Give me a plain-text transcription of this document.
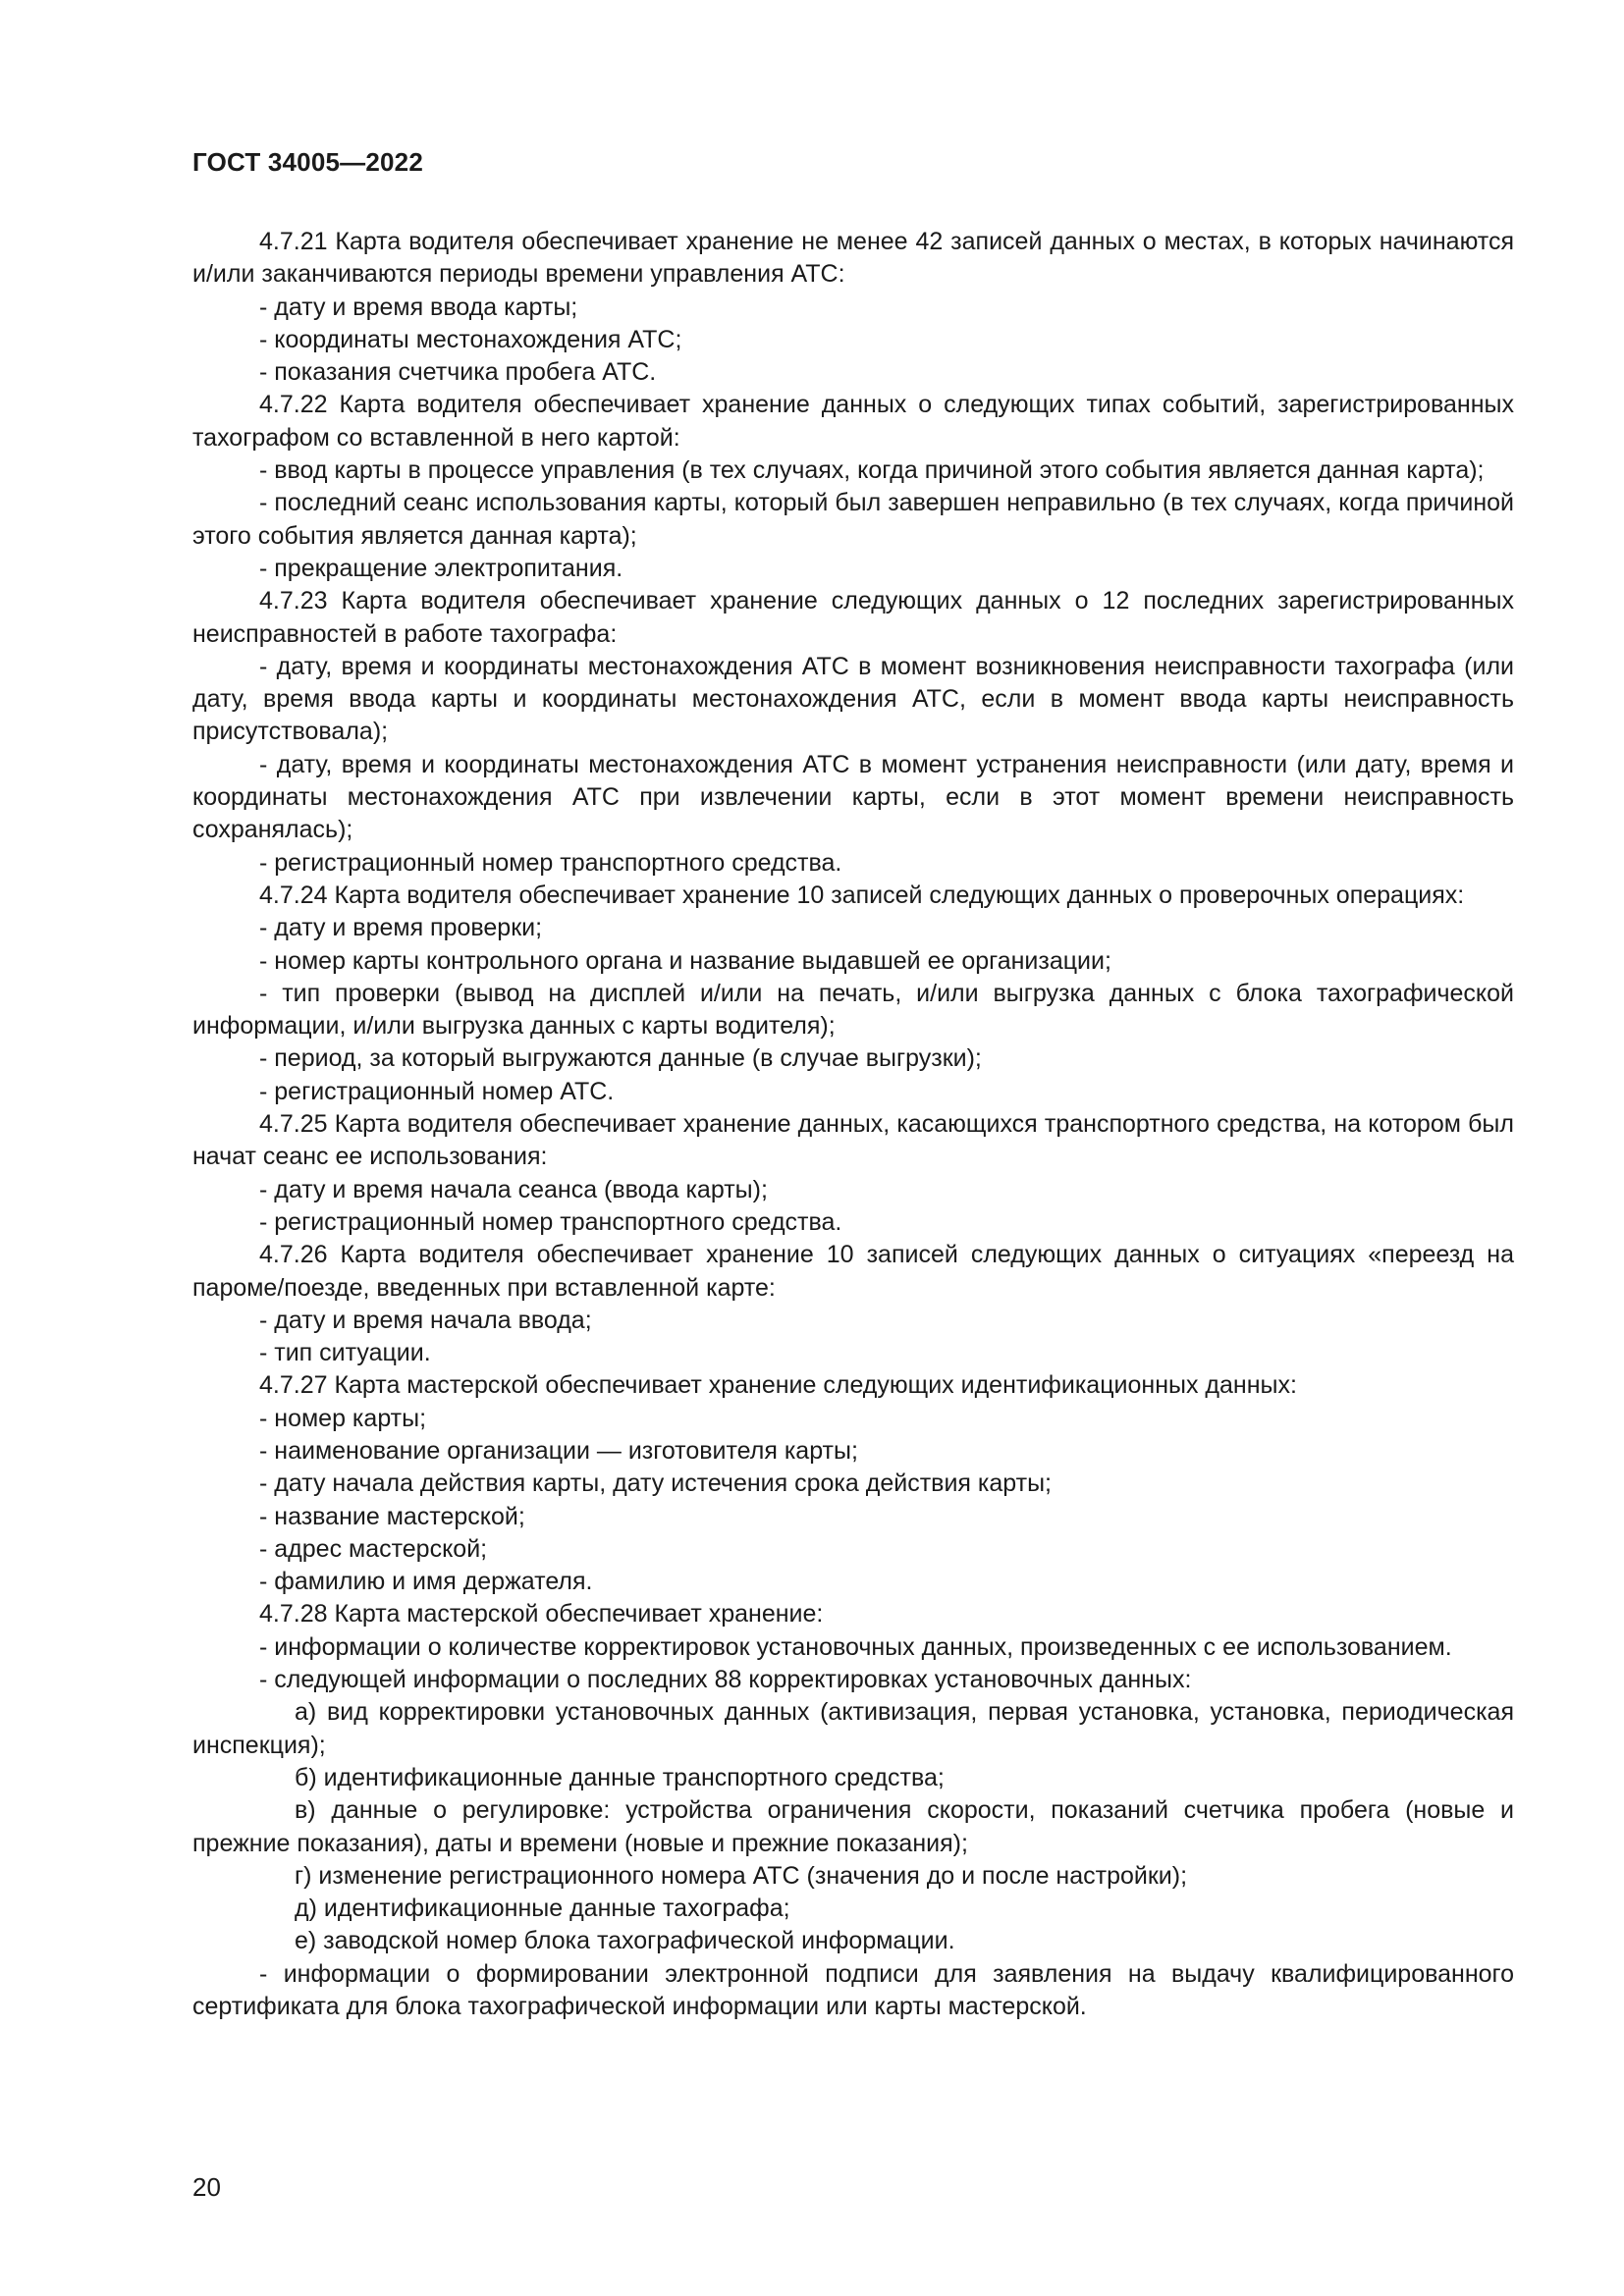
ГОСТ 34005—2022

4.7.21 Карта водителя обеспечивает хранение не менее 42 записей данных о местах, в которых начинаются и/или заканчиваются периоды времени управления АТС:

- дату и время ввода карты;

- координаты местонахождения АТС;

- показания счетчика пробега АТС.

4.7.22 Карта водителя обеспечивает хранение данных о следующих типах событий, зарегистрированных тахографом со вставленной в него картой:

- ввод карты в процессе управления (в тех случаях, когда причиной этого события является данная карта);

- последний сеанс использования карты, который был завершен неправильно (в тех случаях, когда причиной этого события является данная карта);

- прекращение электропитания.

4.7.23 Карта водителя обеспечивает хранение следующих данных о 12 последних зарегистрированных неисправностей в работе тахографа:

- дату, время и координаты местонахождения АТС в момент возникновения неисправности тахографа (или дату, время ввода карты и координаты местонахождения АТС, если в момент ввода карты неисправность присутствовала);

- дату, время и координаты местонахождения АТС в момент устранения неисправности (или дату, время и координаты местонахождения АТС при извлечении карты, если в этот момент времени неисправность сохранялась);

- регистрационный номер транспортного средства.

4.7.24 Карта водителя обеспечивает хранение 10 записей следующих данных о проверочных операциях:

- дату и время проверки;

- номер карты контрольного органа и название выдавшей ее организации;

- тип проверки (вывод на дисплей и/или на печать, и/или выгрузка данных с блока тахографической информации, и/или выгрузка данных с карты водителя);

- период, за который выгружаются данные (в случае выгрузки);

- регистрационный номер АТС.

4.7.25 Карта водителя обеспечивает хранение данных, касающихся транспортного средства, на котором был начат сеанс ее использования:

- дату и время начала сеанса (ввода карты);

- регистрационный номер транспортного средства.

4.7.26 Карта водителя обеспечивает хранение 10 записей следующих данных о ситуациях «переезд на пароме/поезде, введенных при вставленной карте:

- дату и время начала ввода;

- тип ситуации.

4.7.27 Карта мастерской обеспечивает хранение следующих идентификационных данных:

- номер карты;

- наименование организации — изготовителя карты;

- дату начала действия карты, дату истечения срока действия карты;

- название мастерской;

- адрес мастерской;

- фамилию и имя держателя.

4.7.28 Карта мастерской обеспечивает хранение:

- информации о количестве корректировок установочных данных, произведенных с ее использованием.

- следующей информации о последних 88 корректировках установочных данных:

а) вид корректировки установочных данных (активизация, первая установка, установка, периодическая инспекция);

б) идентификационные данные транспортного средства;

в) данные о регулировке: устройства ограничения скорости, показаний счетчика пробега (новые и прежние показания), даты и времени (новые и прежние показания);

г) изменение регистрационного номера АТС (значения до и после настройки);

д) идентификационные данные тахографа;

е) заводской номер блока тахографической информации.

- информации о формировании электронной подписи для заявления на выдачу квалифицированного сертификата для блока тахографической информации или карты мастерской.

20
